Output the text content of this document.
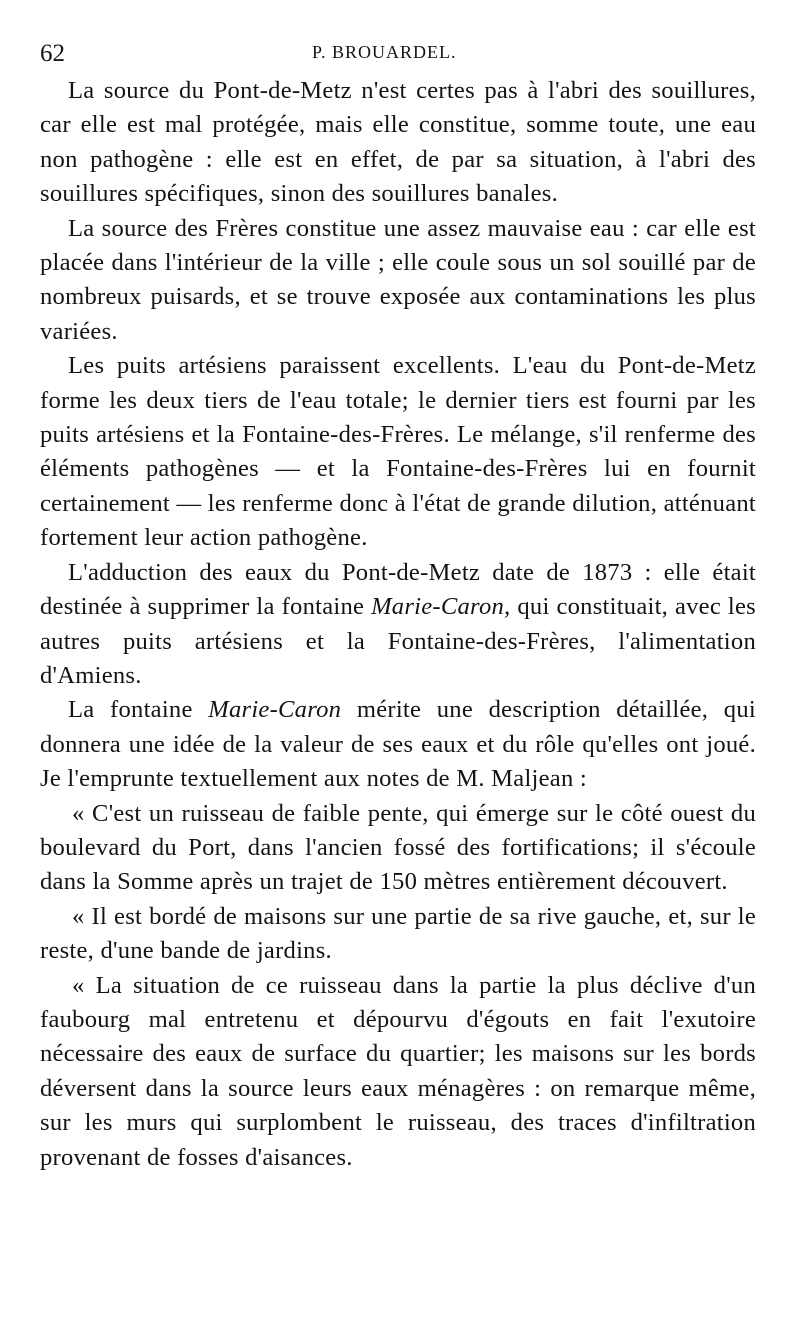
62	P. BROUARDEL.

La source du Pont-de-Metz n'est certes pas à l'abri des souillures, car elle est mal protégée, mais elle constitue, somme toute, une eau non pathogène : elle est en effet, de par sa situation, à l'abri des souillures spécifiques, sinon des souillures banales.

La source des Frères constitue une assez mauvaise eau : car elle est placée dans l'intérieur de la ville ; elle coule sous un sol souillé par de nombreux puisards, et se trouve exposée aux contaminations les plus variées.

Les puits artésiens paraissent excellents. L'eau du Pont-de-Metz forme les deux tiers de l'eau totale; le dernier tiers est fourni par les puits artésiens et la Fontaine-des-Frères. Le mélange, s'il renferme des éléments pathogènes — et la Fontaine-des-Frères lui en fournit certainement — les renferme donc à l'état de grande dilution, atténuant fortement leur action pathogène.

L'adduction des eaux du Pont-de-Metz date de 1873 : elle était destinée à supprimer la fontaine Marie-Caron, qui constituait, avec les autres puits artésiens et la Fontaine-des-Frères, l'alimentation d'Amiens.

La fontaine Marie-Caron mérite une description détaillée, qui donnera une idée de la valeur de ses eaux et du rôle qu'elles ont joué. Je l'emprunte textuellement aux notes de M. Maljean :

« C'est un ruisseau de faible pente, qui émerge sur le côté ouest du boulevard du Port, dans l'ancien fossé des fortifications; il s'écoule dans la Somme après un trajet de 150 mètres entièrement découvert.

« Il est bordé de maisons sur une partie de sa rive gauche, et, sur le reste, d'une bande de jardins.

« La situation de ce ruisseau dans la partie la plus déclive d'un faubourg mal entretenu et dépourvu d'égouts en fait l'exutoire nécessaire des eaux de surface du quartier; les maisons sur les bords déversent dans la source leurs eaux ménagères : on remarque même, sur les murs qui surplombent le ruisseau, des traces d'infiltration provenant de fosses d'aisances.
